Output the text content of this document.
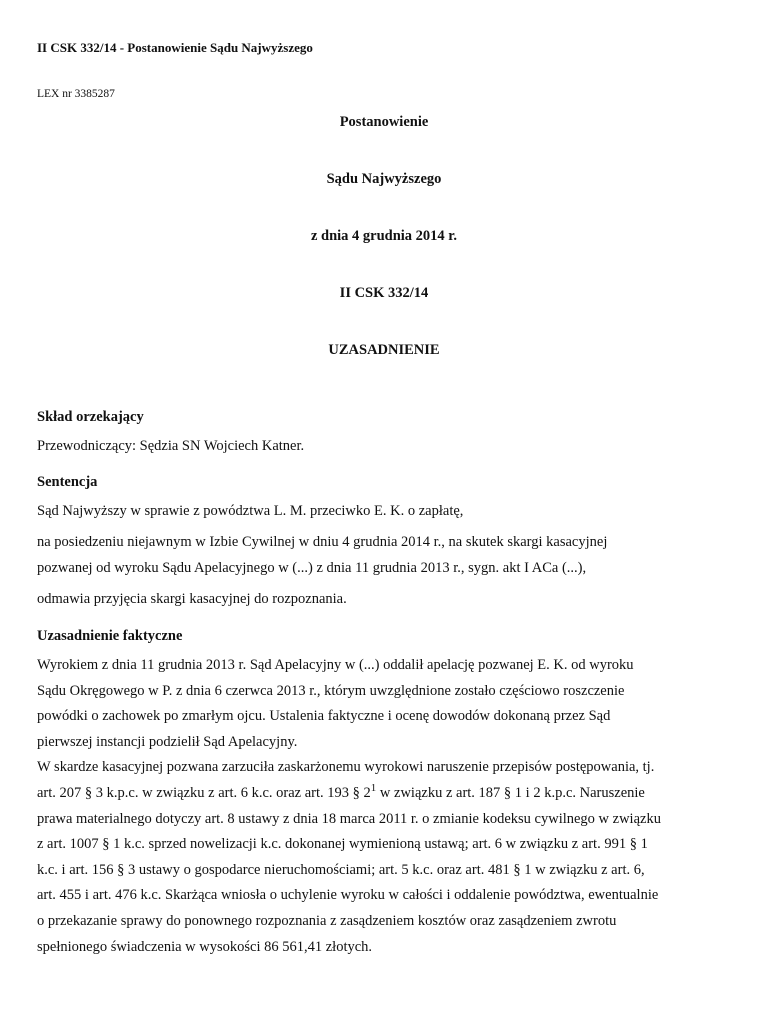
II CSK 332/14 - Postanowienie Sądu Najwyższego
LEX nr 3385287
Postanowienie
Sądu Najwyższego
z dnia 4 grudnia 2014 r.
II CSK 332/14
UZASADNIENIE
Skład orzekający
Przewodniczący: Sędzia SN Wojciech Katner.
Sentencja
Sąd Najwyższy w sprawie z powództwa L. M. przeciwko E. K. o zapłatę,
na posiedzeniu niejawnym w Izbie Cywilnej w dniu 4 grudnia 2014 r., na skutek skargi kasacyjnej
pozwanej od wyroku Sądu Apelacyjnego w (...) z dnia 11 grudnia 2013 r., sygn. akt I ACa (...),
odmawia przyjęcia skargi kasacyjnej do rozpoznania.
Uzasadnienie faktyczne
Wyrokiem z dnia 11 grudnia 2013 r. Sąd Apelacyjny w (...) oddalił apelację pozwanej E. K. od wyroku
Sądu Okręgowego w P. z dnia 6 czerwca 2013 r., którym uwzględnione zostało częściowo roszczenie
powódki o zachowek po zmarłym ojcu. Ustalenia faktyczne i ocenę dowodów dokonaną przez Sąd
pierwszej instancji podzielił Sąd Apelacyjny.
W skardze kasacyjnej pozwana zarzuciła zaskarżonemu wyrokowi naruszenie przepisów postępowania, tj.
art. 207 § 3 k.p.c. w związku z art. 6 k.c. oraz art. 193 § $2^1$ w związku z art. 187 § 1 i 2 k.p.c. Naruszenie
prawa materialnego dotyczy art. 8 ustawy z dnia 18 marca 2011 r. o zmianie kodeksu cywilnego w związku
z art. 1007 § 1 k.c. sprzed nowelizacji k.c. dokonanej wymienioną ustawą; art. 6 w związku z art. 991 § 1
k.c. i art. 156 § 3 ustawy o gospodarce nieruchomościami; art. 5 k.c. oraz art. 481 § 1 w związku z art. 6,
art. 455 i art. 476 k.c. Skarżąca wniosła o uchylenie wyroku w całości i oddalenie powództwa, ewentualnie
o przekazanie sprawy do ponownego rozpoznania z zasądzeniem kosztów oraz zasądzeniem zwrotu
spełnionego świadczenia w wysokości 86 561,41 złotych.
